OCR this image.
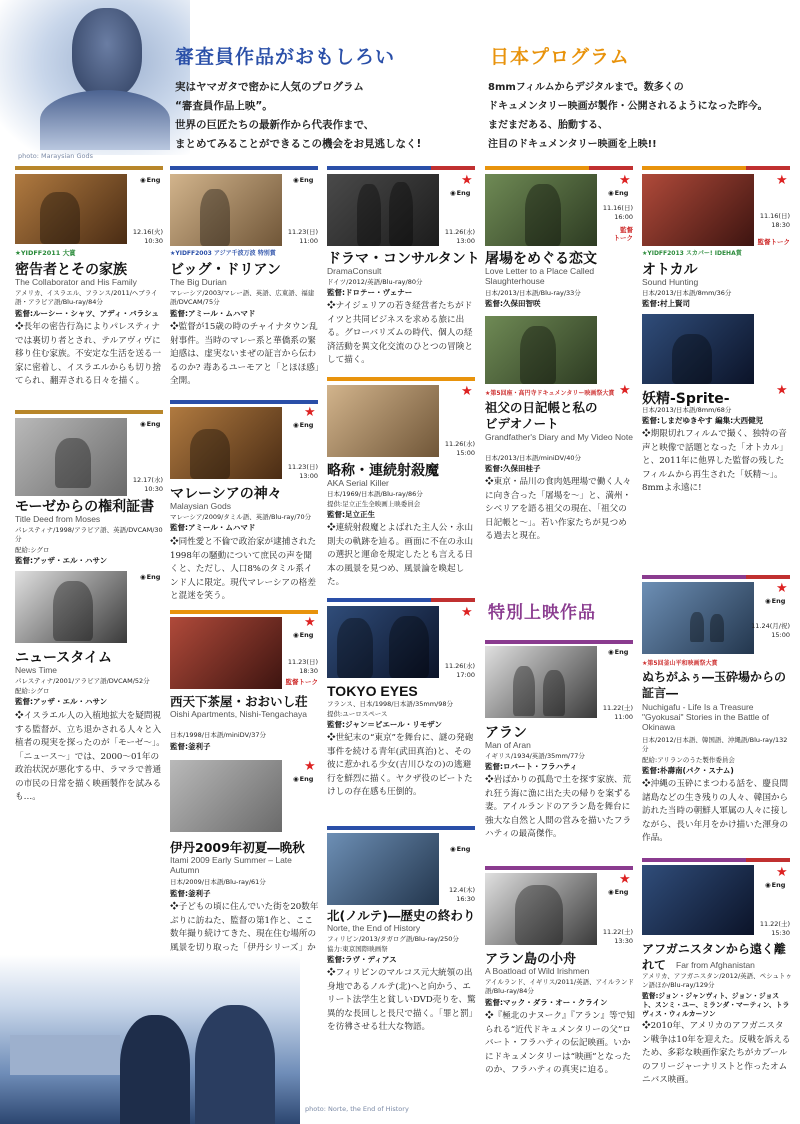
photo: Maraysian Gods
審査員作品がおもしろい
実はヤマガタで密かに人気のプログラム
“審査員作品上映”。
世界の巨匠たちの最新作から代表作まで、
まとめてみることができるこの機会をお見逃しなく!
日本プログラム
8mmフィルムからデジタルまで。数多くの
ドキュメンタリー映画が製作・公開されるようになった昨今。
まだまだある、胎動する、
注目のドキュメンタリー映画を上映!!
◉ Eng
12.16(火)
10:30
★YIDFF2011 大賞
密告者とその家族
The Collaborator and His Family
アメリカ、イスラエル、フランス/2011/ヘブライ語・アラビア語/Blu-ray/84分
監督:ルーシー・シャツ、アディ・バラシュ
❖長年の密告行為によりパレスティナでは裏切り者とされ、テルアヴィヴに移り住む家族。不安定な生活を送る一家に密着し、イスラエルからも切り捨てられ、翻弄される日々を描く。
◉ Eng
12.17(水)
10:30
モーゼからの権利証書
Title Deed from Moses
パレスティナ/1998/アラビア語、英語/DVCAM/30分
配給:シグロ
監督:アッザ・エル・ハサン
◉ Eng
ニュースタイム
News Time
パレスティナ/2001/アラビア語/DVCAM/52分
配給:シグロ
監督:アッザ・エル・ハサン
❖イスラエル人の入植地拡大を疑問視する監督が、立ち退かされる人々と入植者の現実を探ったのが「モーゼ〜」。「ニュース〜」では、2000〜01年の政治状況が悪化する中、ラマラで普通の市民の日常を描く映画製作を試みるも…。
◉ Eng
11.23(日)
11:00
★YIDFF2003 アジア千波万波 特別賞
ビッグ・ドリアン
The Big Durian
マレーシア/2003/マレー語、英語、広東語、福建語/DVCAM/75分
監督:アミール・ムハマド
❖監督が15歳の時のチャイナタウン乱射事件。当時のマレー系と華僑系の緊迫感は、虚実ないまぜの証言から伝わるのか? 毒あるユーモアと「とほほ感」全開。
★
◉ Eng
11.23(日)
13:00
マレーシアの神々
Malaysian Gods
マレーシア/2009/タミル語、英語/Blu-ray/70分
監督:アミール・ムハマド
❖同性愛と不倫で政治家が逮捕された1998年の騒動について庶民の声を聞くと、ただし、人口8%のタミル系インド人に限定。現代マレーシアの格差と混迷を笑う。
★
◉ Eng
11.23(日)
18:30
監督トーク
西天下茶屋・おおいし荘
Oishi Apartments, Nishi-Tengachaya
日本/1998/日本語/miniDV/37分
監督:釜利子
★
◉ Eng
伊丹2009年初夏―晩秋
Itami 2009 Early Summer – Late Autumn
日本/2009/日本語/Blu-ray/61分
監督:釜利子
❖子どもの頃に住んでいた街を20数年ぶりに訪ねた、監督の第1作と、ここ数年撮り続けてきた、現在住む場所の風景を切り取った「伊丹シリーズ」か
★
◉ Eng
11.26(水)
13:00
ドラマ・コンサルタント
DramaConsult
ドイツ/2012/英語/Blu-ray/80分
監督:ドロテー・ヴェナー
❖ナイジェリアの若き経営者たちがドイツと共同ビジネスを求める旅に出る。グローバリズムの時代、個人の経済活動を異文化交流のひとつの冒険として描く。
★
11.26(水)
15:00
略称・連続射殺魔
AKA Serial Killer
日本/1969/日本語/Blu-ray/86分
提供:足立正生全映画上映委員会
監督:足立正生
❖連続射殺魔とよばれた主人公・永山則夫の軌跡を辿る。画面に不在の永山の選択と運命を規定したとも言える日本の風景を見つめ、風景論を喚起した。
★
11.26(水)
17:00
TOKYO EYES
フランス、日本/1998/日本語/35mm/98分
提供:ユーロスペース
監督:ジャン＝ピエール・リモザン
❖世紀末の“東京”を舞台に、謎の発砲事件を続ける青年(武田真治)と、その彼に惹かれる少女(吉川ひなの)の逃避行を鮮烈に描く。ヤクザ役のビートたけしの存在感も圧倒的。
◉ Eng
12.4(木)
16:30
北(ノルテ)―歴史の終わり
Norte, the End of History
フィリピン/2013/タガログ語/Blu-ray/250分
協力:東京国際映画祭
監督:ラヴ・ディアス
❖フィリピンのマルコス元大統領の出身地であるノルテ(北)へと向かう、エリート法学生と貧しいDVD売りを、驚異的な長回しと長尺で描く。「罪と罰」を彷彿させる壮大な物語。
★
◉ Eng
11.16(日)
16:00
監督
トーク
屠場をめぐる恋文
Love Letter to a Place Called Slaughterhouse
日本/2013/日本語/Blu-ray/33分
監督:久保田智咲
★
★第5回座・高円寺ドキュメンタリー映画祭大賞
祖父の日記帳と私の
ビデオノート
Grandfather's Diary and My Video Note
日本/2013/日本語/miniDV/40分
監督:久保田桂子
❖東京・品川の食肉処理場で働く人々に向き合った「屠場を〜」と、満州・シベリアを語る祖父の現在、「祖父の日記帳と〜」。若い作家たちが見つめる過去と現在。
★
11.16(日)
18:30
監督トーク
★YIDFF2013 スカパー! IDEHA賞
オトカル
Sound Hunting
日本/2013/日本語/8mm/36分
監督:村上賢司
★
妖精-Sprite-
日本/2013/日本語/8mm/68分
監督:しまだゆきやす 編集:大西健児
❖期限切れフィルムで撮く、独特の音声と映像で話題となった「オトカル」と、2011年に他界した監督の残したフィルムから再生された「妖精〜」。8mmよ永遠に!
特別上映作品
◉ Eng
11.22(土)
11:00
アラン
Man of Aran
イギリス/1934/英語/35mm/77分
監督:ロバート・フラハティ
❖岩ばかりの孤島で土を探す家族、荒れ狂う海に漁に出た夫の帰りを案ずる妻。アイルランドのアラン島を舞台に強大な自然と人間の営みを描いたフラハティの最高傑作。
★
◉ Eng
11.22(土)
13:30
アラン島の小舟
A Boatload of Wild Irishmen
アイルランド、イギリス/2011/英語、アイルランド語/Blu-ray/84分
監督:マック・ダラ・オー・クライン
❖『極北のナヌーク』『アラン』等で知られる“近代ドキュメンタリーの父”ロバート・フラハティの伝記映画。いかにドキュメンタリーは“映画”となったのか、フラハティの真実に迫る。
★
◉ Eng
11.24(月/祝)
15:00
★第5回釜山平和映画祭大賞
ぬちがふぅ―玉砕場からの
証言―
Nuchigafu - Life Is a Treasure "Gyokusai" Stories in the Battle of Okinawa
日本/2012/日本語、韓国語、沖縄語/Blu-ray/132分
配給:アリランのうた製作委員会
監督:朴壽南(パク・スナム)
❖沖縄の玉砕にまつわる話を、慶良間諸島などの生き残りの人々、韓国から訪れた当時の朝鮮人軍属の人々に接しながら、長い年月をかけ描いた渾身の作品。
★
◉ Eng
11.22(土)
15:30
アフガニスタンから遠く離
れて Far from Afghanistan
アメリカ、アフガニスタン/2012/英語、ペシュトゥン語ほか/Blu-ray/129分
監督:ジョン・ジャンヴィト、ジョン・ジョスト、スンミ・ユー、ミランダ・マーティン、トラヴィス・ウィルカーソン
❖2010年、アメリカのアフガニスタン戦争は10年を迎えた。反戦を訴えるため、多彩な映画作家たちがカブールのフリージャーナリストと作ったオムニバス映画。
photo: Norte, the End of History
